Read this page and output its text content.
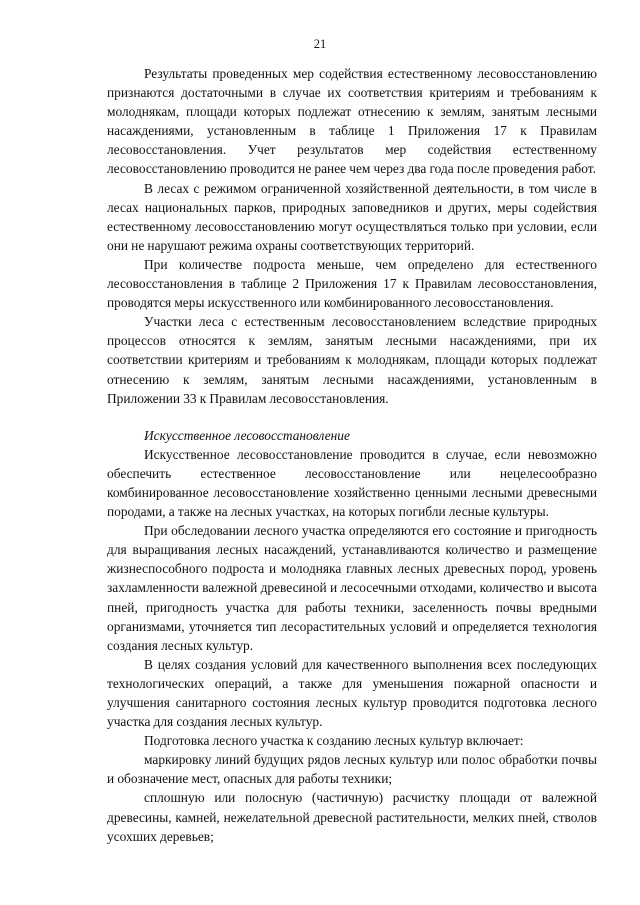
21

Результаты проведенных мер содействия естественному лесовосстановлению признаются достаточными в случае их соответствия критериям и требованиям к молоднякам, площади которых подлежат отнесению к землям, занятым лесными насаждениями, установленным в таблице 1 Приложения 17 к Правилам лесовосстановления. Учет результатов мер содействия естественному лесовосстановлению проводится не ранее чем через два года после проведения работ.

В лесах с режимом ограниченной хозяйственной деятельности, в том числе в лесах национальных парков, природных заповедников и других, меры содействия естественному лесовосстановлению могут осуществляться только при условии, если они не нарушают режима охраны соответствующих территорий.

При количестве подроста меньше, чем определено для естественного лесовосстановления в таблице 2 Приложения 17 к Правилам лесовосстановления, проводятся меры искусственного или комбинированного лесовосстановления.

Участки леса с естественным лесовосстановлением вследствие природных процессов относятся к землям, занятым лесными насаждениями, при их соответствии критериям и требованиям к молоднякам, площади которых подлежат отнесению к землям, занятым лесными насаждениями, установленным в Приложении 33 к Правилам лесовосстановления.

Искусственное лесовосстановление

Искусственное лесовосстановление проводится в случае, если невозможно обеспечить естественное лесовосстановление или нецелесообразно комбинированное лесовосстановление хозяйственно ценными лесными древесными породами, а также на лесных участках, на которых погибли лесные культуры.

При обследовании лесного участка определяются его состояние и пригодность для выращивания лесных насаждений, устанавливаются количество и размещение жизнеспособного подроста и молодняка главных лесных древесных пород, уровень захламленности валежной древесиной и лесосечными отходами, количество и высота пней, пригодность участка для работы техники, заселенность почвы вредными организмами, уточняется тип лесорастительных условий и определяется технология создания лесных культур.

В целях создания условий для качественного выполнения всех последующих технологических операций, а также для уменьшения пожарной опасности и улучшения санитарного состояния лесных культур проводится подготовка лесного участка для создания лесных культур.

Подготовка лесного участка к созданию лесных культур включает:

маркировку линий будущих рядов лесных культур или полос обработки почвы и обозначение мест, опасных для работы техники;

сплошную или полосную (частичную) расчистку площади от валежной древесины, камней, нежелательной древесной растительности, мелких пней, стволов усохших деревьев;
